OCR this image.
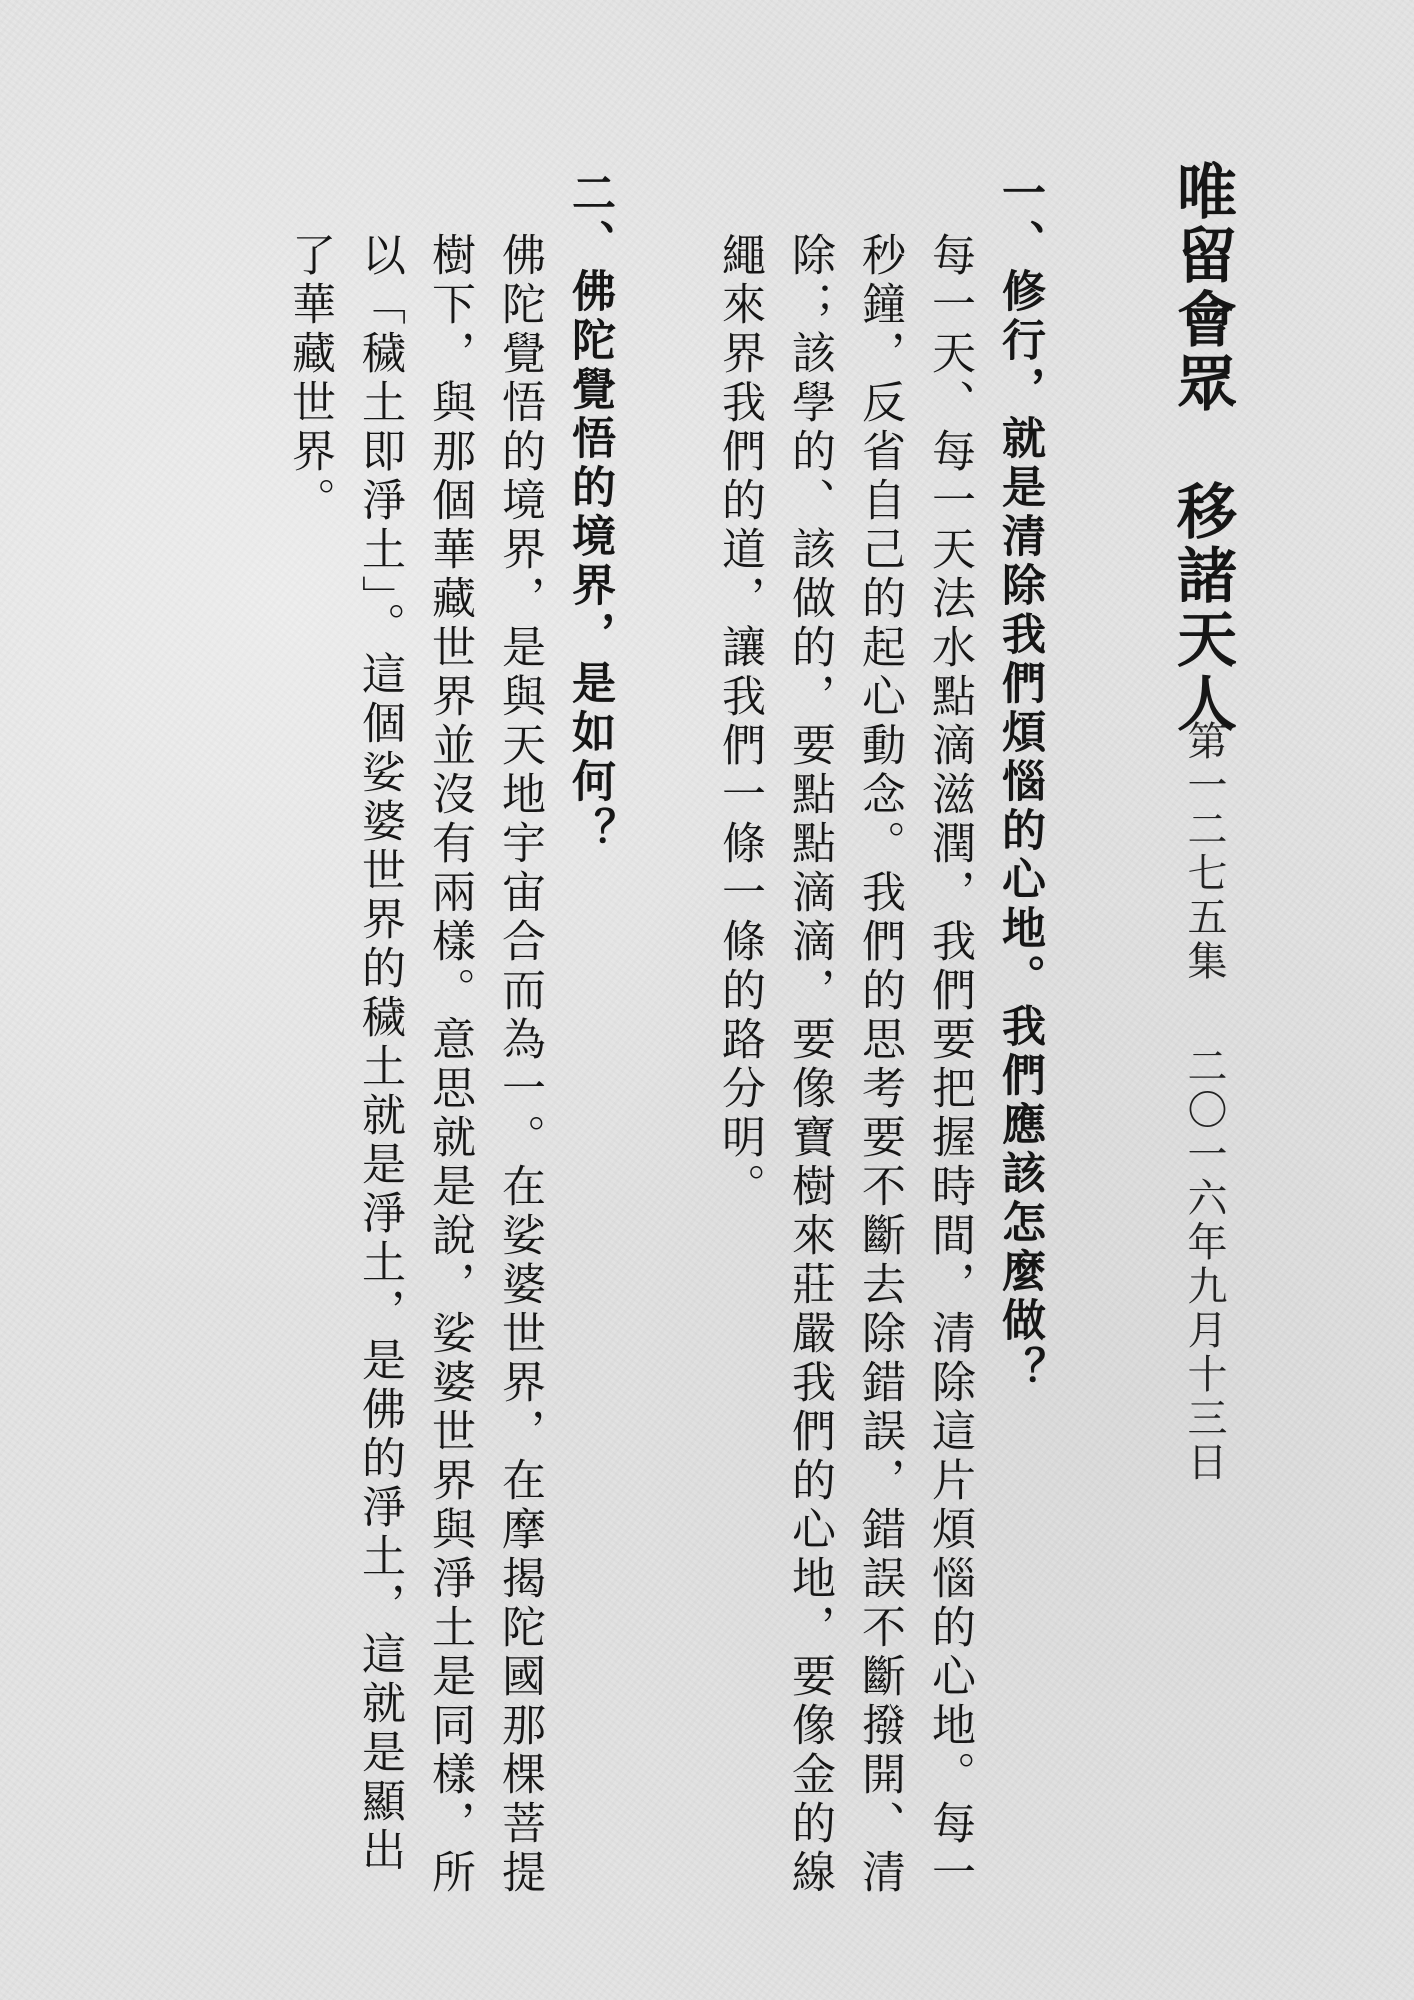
唯留會眾　移諸天人
第一二七五集
二〇一六年九月十三日
一、修行，就是清除我們煩惱的心地。我們應該怎麼做？
每一天、每一天法水點滴滋潤，我們要把握時間，清除這片煩惱的心地。每一
秒鐘，反省自己的起心動念。我們的思考要不斷去除錯誤，錯誤不斷撥開、清
除；該學的、該做的，要點點滴滴，要像寶樹來莊嚴我們的心地，要像金的線
繩來界我們的道，讓我們一條一條的路分明。
二、佛陀覺悟的境界，是如何？
佛陀覺悟的境界，是與天地宇宙合而為一。在娑婆世界，在摩揭陀國那棵菩提
樹下，與那個華藏世界並沒有兩樣。意思就是說，娑婆世界與淨土是同樣，所
以「穢土即淨土」。這個娑婆世界的穢土就是淨土，是佛的淨土，這就是顯出
了華藏世界。
